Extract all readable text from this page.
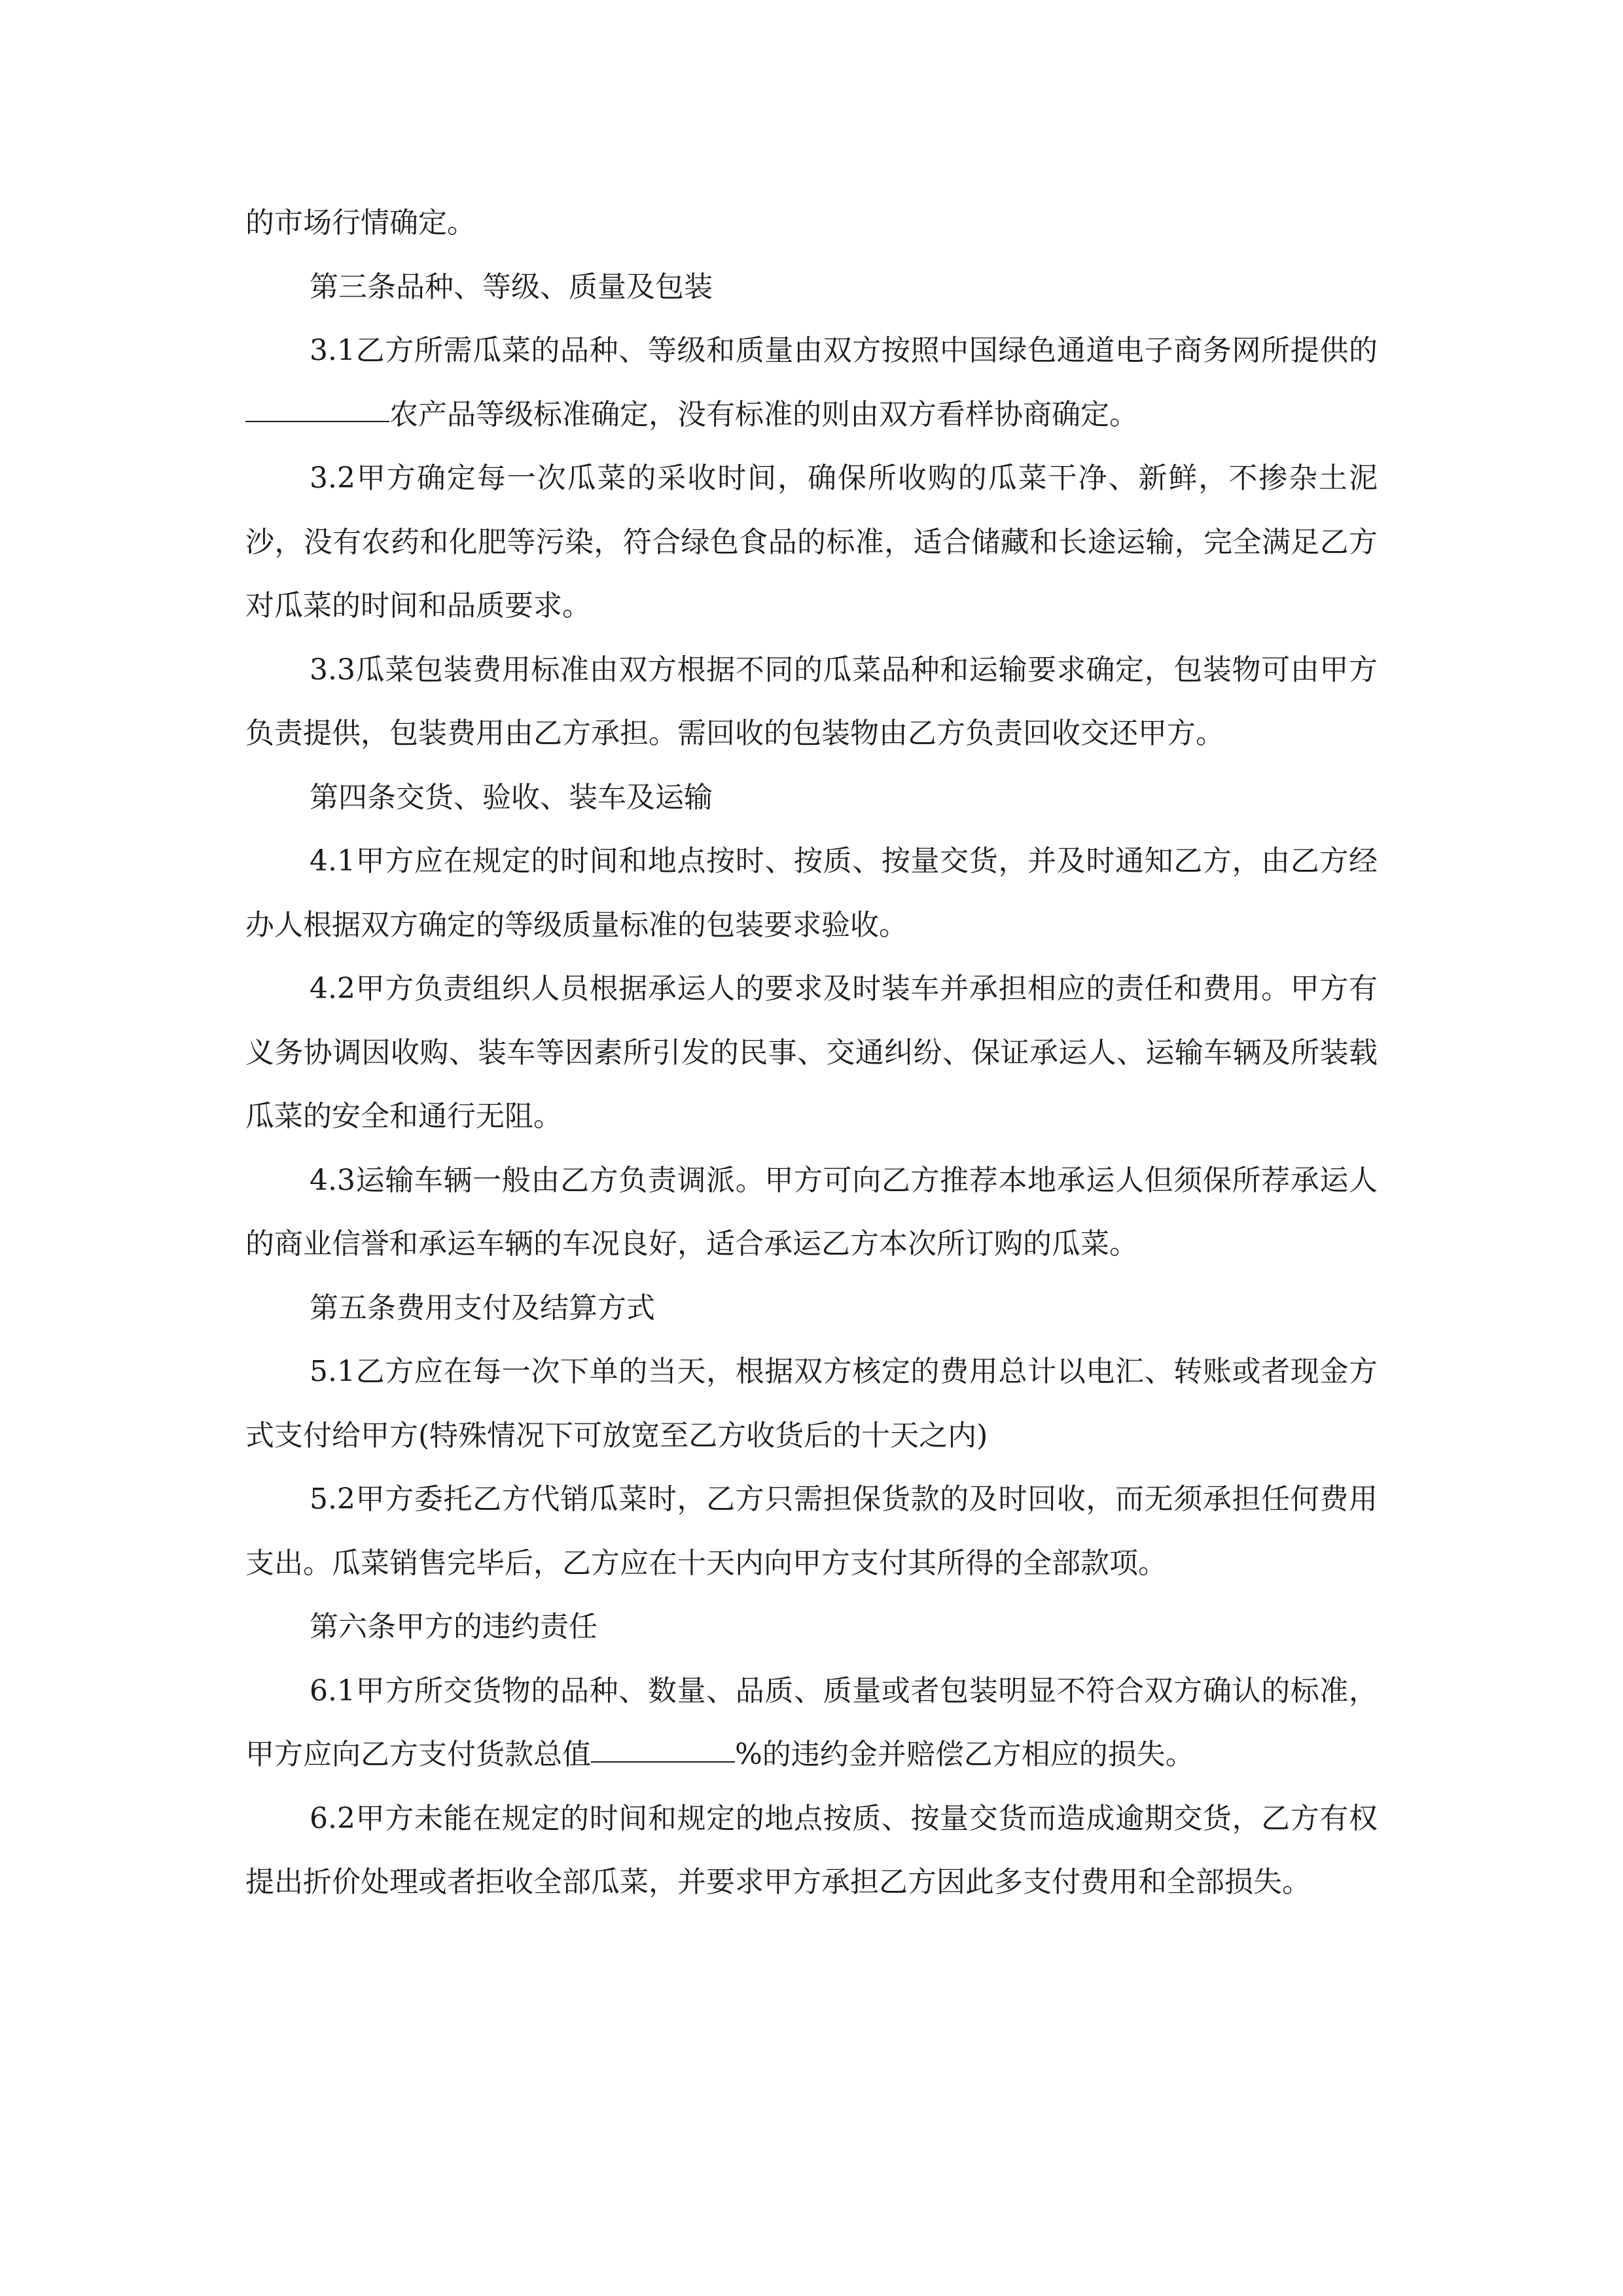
的市场行情确定。

第三条品种、等级、质量及包装

3.1乙方所需瓜菜的品种、等级和质量由双方按照中国绿色通道电子商务网所提供的农产品等级标准确定，没有标准的则由双方看样协商确定。

3.2甲方确定每一次瓜菜的采收时间，确保所收购的瓜菜干净、新鲜，不掺杂土泥沙，没有农药和化肥等污染，符合绿色食品的标准，适合储藏和长途运输，完全满足乙方对瓜菜的时间和品质要求。

3.3瓜菜包装费用标准由双方根据不同的瓜菜品种和运输要求确定，包装物可由甲方负责提供，包装费用由乙方承担。需回收的包装物由乙方负责回收交还甲方。

第四条交货、验收、装车及运输

4.1甲方应在规定的时间和地点按时、按质、按量交货，并及时通知乙方，由乙方经办人根据双方确定的等级质量标准的包装要求验收。

4.2甲方负责组织人员根据承运人的要求及时装车并承担相应的责任和费用。甲方有义务协调因收购、装车等因素所引发的民事、交通纠纷、保证承运人、运输车辆及所装载瓜菜的安全和通行无阻。

4.3运输车辆一般由乙方负责调派。甲方可向乙方推荐本地承运人但须保所荐承运人的商业信誉和承运车辆的车况良好，适合承运乙方本次所订购的瓜菜。

第五条费用支付及结算方式

5.1乙方应在每一次下单的当天，根据双方核定的费用总计以电汇、转账或者现金方式支付给甲方(特殊情况下可放宽至乙方收货后的十天之内)

5.2甲方委托乙方代销瓜菜时，乙方只需担保货款的及时回收，而无须承担任何费用支出。瓜菜销售完毕后，乙方应在十天内向甲方支付其所得的全部款项。

第六条甲方的违约责任

6.1甲方所交货物的品种、数量、品质、质量或者包装明显不符合双方确认的标准，甲方应向乙方支付货款总值	%的违约金并赔偿乙方相应的损失。

6.2甲方未能在规定的时间和规定的地点按质、按量交货而造成逾期交货，乙方有权提出折价处理或者拒收全部瓜菜，并要求甲方承担乙方因此多支付费用和全部损失。
